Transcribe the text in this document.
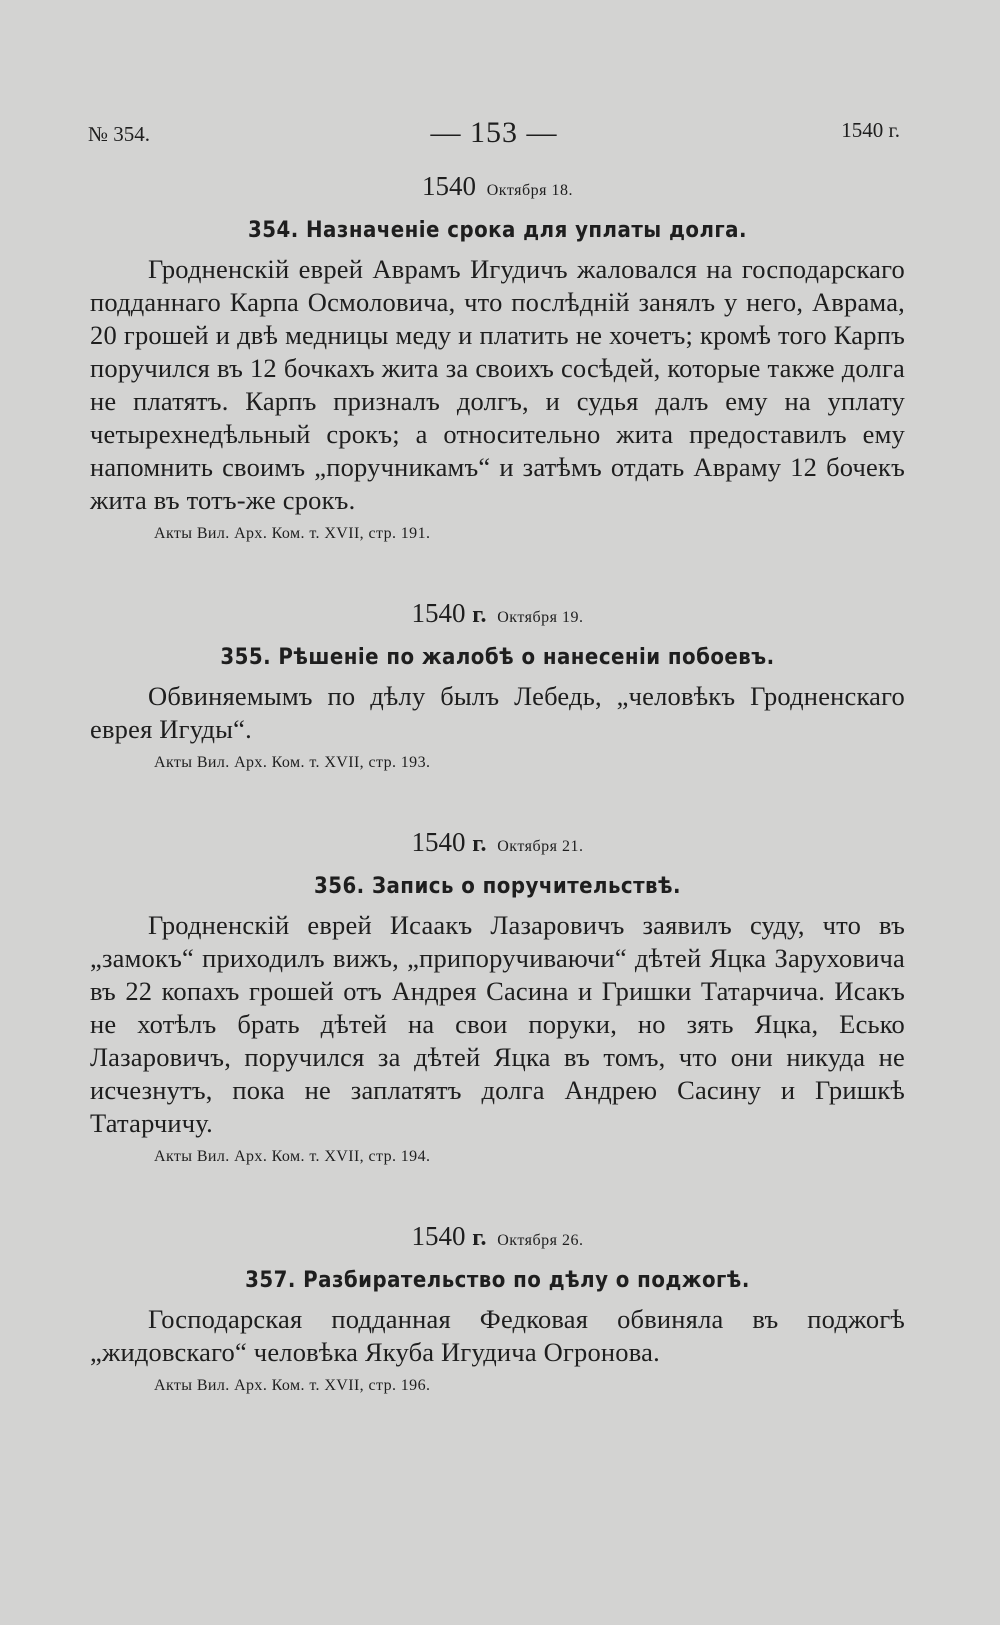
№ 354.	— 153 —	1540 г.

1540 Октября 18.

354. Назначеніе срока для уплаты долга.

Гродненскій еврей Аврамъ Игудичъ жаловался на господарскаго подданнаго Карпа Осмоловича, что послѣдній занялъ у него, Аврама, 20 грошей и двѣ медницы меду и платить не хочетъ; кромѣ того Карпъ поручился въ 12 бочкахъ жита за своихъ сосѣдей, которые также долга не платятъ. Карпъ призналъ долгъ, и судья далъ ему на уплату четырехнедѣльный срокъ; а относительно жита предоставилъ ему напомнить своимъ „поручникамъ“ и затѣмъ отдать Авраму 12 бочекъ жита въ тотъ-же срокъ.

Акты Вил. Арх. Ком. т. XVII, стр. 191.

1540 г. Октября 19.

355. Рѣшеніе по жалобѣ о нанесеніи побоевъ.

Обвиняемымъ по дѣлу былъ Лебедь, „человѣкъ Гродненскаго еврея Игуды“.

Акты Вил. Арх. Ком. т. XVII, стр. 193.

1540 г. Октября 21.

356. Запись о поручительствѣ.

Гродненскій еврей Исаакъ Лазаровичъ заявилъ суду, что въ „замокъ“ приходилъ вижъ, „припоручиваючи“ дѣтей Яцка Заруховича въ 22 копахъ грошей отъ Андрея Сасина и Гришки Татарчича. Исакъ не хотѣлъ брать дѣтей на свои поруки, но зять Яцка, Есько Лазаровичъ, поручился за дѣтей Яцка въ томъ, что они никуда не исчезнутъ, пока не заплатятъ долга Андрею Сасину и Гришкѣ Татарчичу.

Акты Вил. Арх. Ком. т. XVII, стр. 194.

1540 г. Октября 26.

357. Разбирательство по дѣлу о поджогѣ.

Господарская подданная Федковая обвиняла въ поджогѣ „жидовскаго“ человѣка Якуба Игудича Огронова.

Акты Вил. Арх. Ком. т. XVII, стр. 196.
